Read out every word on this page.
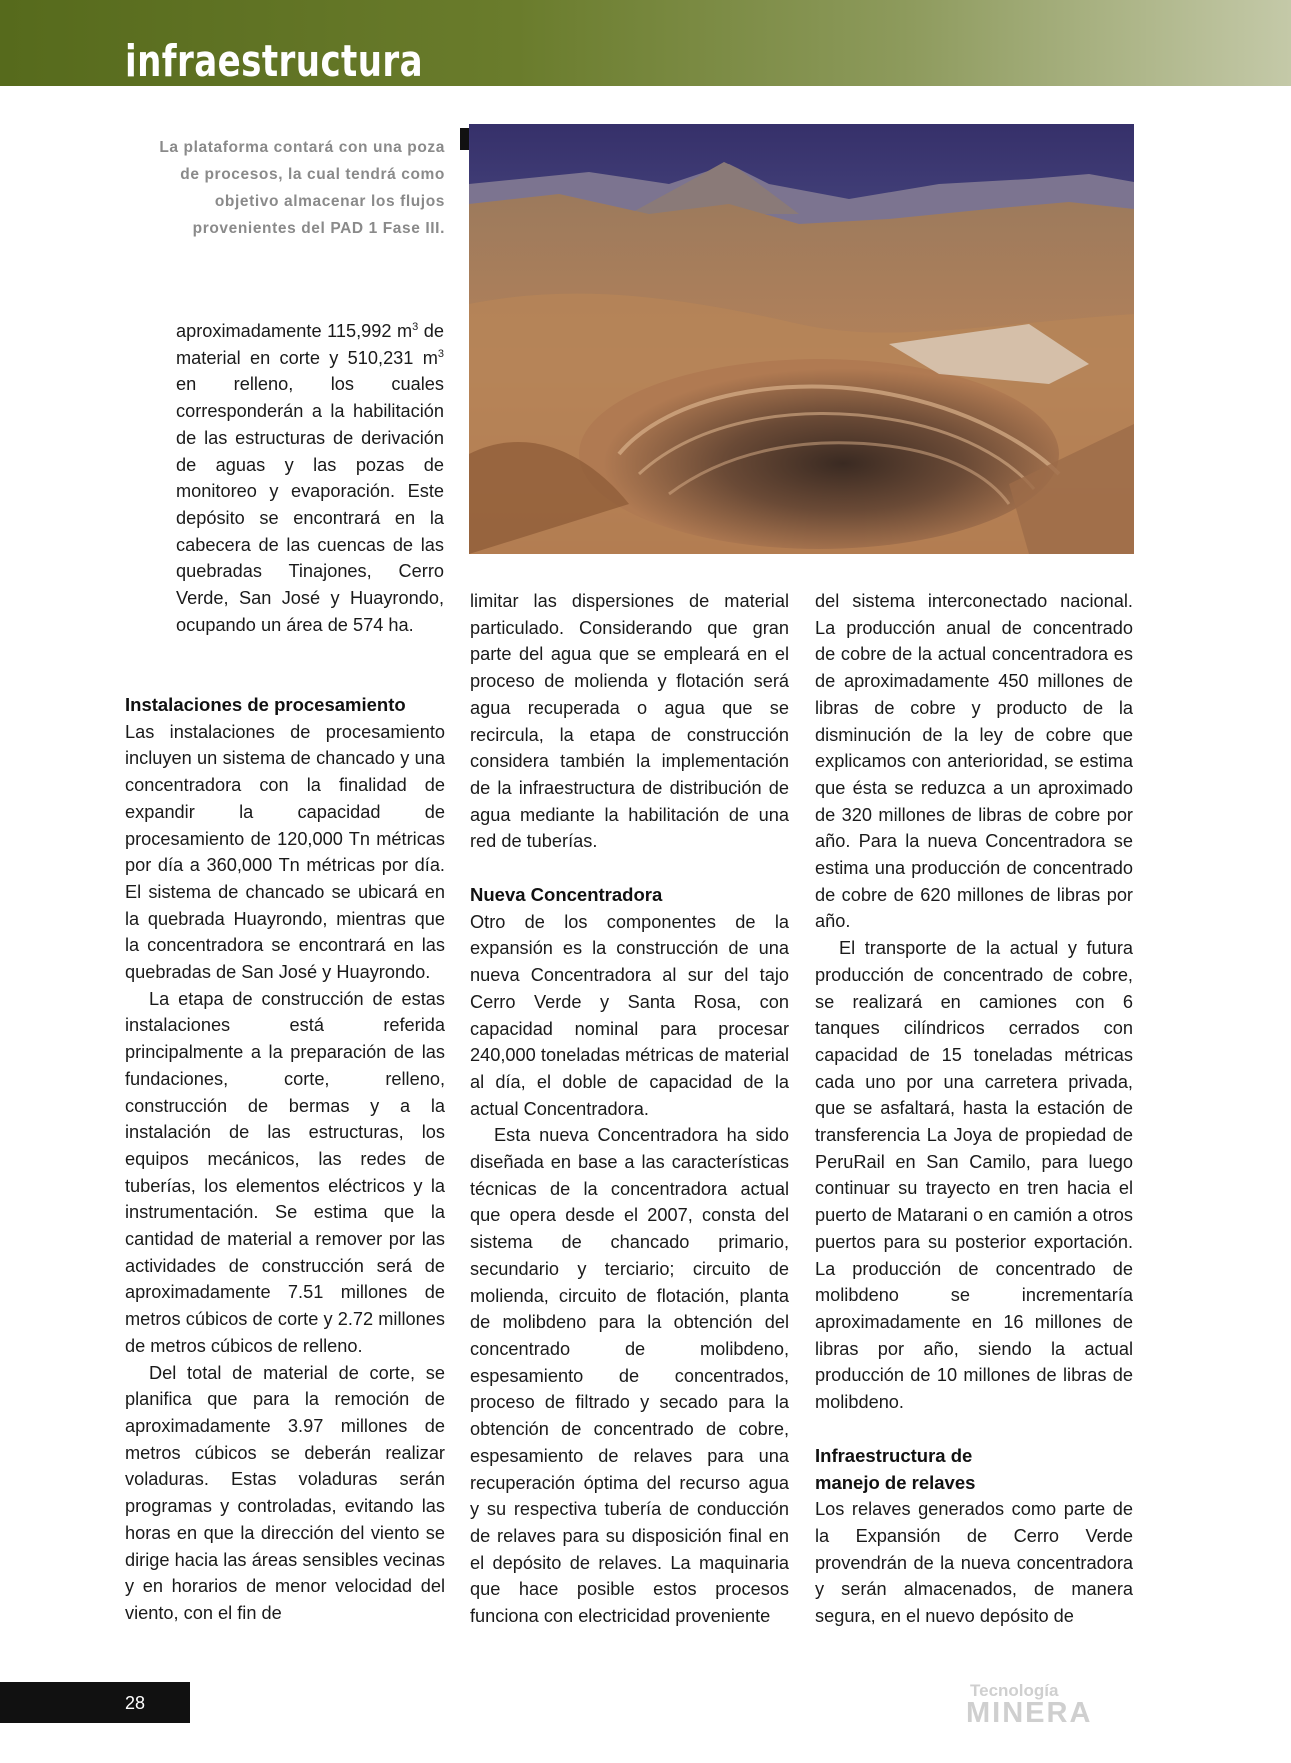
infraestructura

La plataforma contará con una poza de procesos, la cual tendrá como objetivo almacenar los flujos provenientes del PAD 1 Fase III.

aproximadamente 115,992 $m^3$ de material en corte y 510,231 $m^3$ en relleno, los cuales corresponderán a la habilitación de las estructuras de derivación de aguas y las pozas de monitoreo y evaporación. Este depósito se encontrará en la cabecera de las cuencas de las quebradas Tinajones, Cerro Verde, San José y Huayrondo, ocupando un área de 574 ha.

Instalaciones de procesamiento

Las instalaciones de procesamiento incluyen un sistema de chancado y una concentradora con la finalidad de expandir la capacidad de procesamiento de 120,000 Tn métricas por día a 360,000 Tn métricas por día. El sistema de chancado se ubicará en la quebrada Huayrondo, mientras que la concentradora se encontrará en las quebradas de San José y Huayrondo.

La etapa de construcción de estas instalaciones está referida principalmente a la preparación de las fundaciones, corte, relleno, construcción de bermas y a la instalación de las estructuras, los equipos mecánicos, las redes de tuberías, los elementos eléctricos y la instrumentación. Se estima que la cantidad de material a remover por las actividades de construcción será de aproximadamente 7.51 millones de metros cúbicos de corte y 2.72 millones de metros cúbicos de relleno.

Del total de material de corte, se planifica que para la remoción de aproximadamente 3.97 millones de metros cúbicos se deberán realizar voladuras. Estas voladuras serán programas y controladas, evitando las horas en que la dirección del viento se dirige hacia las áreas sensibles vecinas y en horarios de menor velocidad del viento, con el fin de

limitar las dispersiones de material particulado. Considerando que gran parte del agua que se empleará en el proceso de molienda y flotación será agua recuperada o agua que se recircula, la etapa de construcción considera también la implementación de la infraestructura de distribución de agua mediante la habilitación de una red de tuberías.

Nueva Concentradora

Otro de los componentes de la expansión es la construcción de una nueva Concentradora al sur del tajo Cerro Verde y Santa Rosa, con capacidad nominal para procesar 240,000 toneladas métricas de material al día, el doble de capacidad de la actual Concentradora.

Esta nueva Concentradora ha sido diseñada en base a las características técnicas de la concentradora actual que opera desde el 2007, consta del sistema de chancado primario, secundario y terciario; circuito de molienda, circuito de flotación, planta de molibdeno para la obtención del concentrado de molibdeno, espesamiento de concentrados, proceso de filtrado y secado para la obtención de concentrado de cobre, espesamiento de relaves para una recuperación óptima del recurso agua y su respectiva tubería de conducción de relaves para su disposición final en el depósito de relaves. La maquinaria que hace posible estos procesos funciona con electricidad proveniente

del sistema interconectado nacional. La producción anual de concentrado de cobre de la actual concentradora es de aproximadamente 450 millones de libras de cobre y producto de la disminución de la ley de cobre que explicamos con anterioridad, se estima que ésta se reduzca a un aproximado de 320 millones de libras de cobre por año. Para la nueva Concentradora se estima una producción de concentrado de cobre de 620 millones de libras por año.

El transporte de la actual y futura producción de concentrado de cobre, se realizará en camiones con 6 tanques cilíndricos cerrados con capacidad de 15 toneladas métricas cada uno por una carretera privada, que se asfaltará, hasta la estación de transferencia La Joya de propiedad de PeruRail en San Camilo, para luego continuar su trayecto en tren hacia el puerto de Matarani o en camión a otros puertos para su posterior exportación. La producción de concentrado de molibdeno se incrementaría aproximadamente en 16 millones de libras por año, siendo la actual producción de 10 millones de libras de molibdeno.

Infraestructura de
manejo de relaves

Los relaves generados como parte de la Expansión de Cerro Verde provendrán de la nueva concentradora y serán almacenados, de manera segura, en el nuevo depósito de

28
Tecnología
MINERA
